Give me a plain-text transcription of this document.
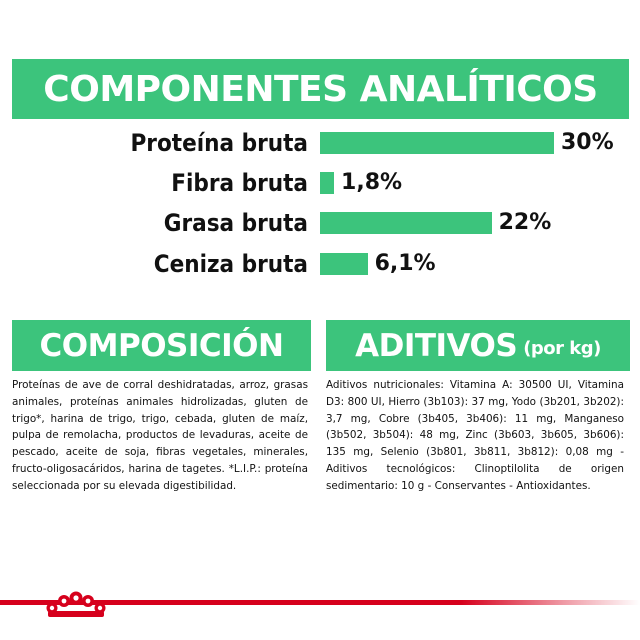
COMPONENTES ANALÍTICOS
Proteína bruta	30%
Fibra bruta 1,8%
Grasa bruta	22%
Ceniza bruta	6,1%
COMPOSICIÓN

Proteínas de ave de corral deshidratadas, arroz, grasas animales, proteínas animales hidrolizadas, gluten de trigo*, harina de trigo, trigo, cebada, gluten de maíz, pulpa de remolacha, productos de levaduras, aceite de pescado, aceite de soja, fibras vegetales, minerales, fructo-oligosacáridos, harina de tagetes. *L.I.P.: proteína seleccionada por su elevada digestibilidad.

ADITIVOS (por kg)

Aditivos nutricionales: Vitamina A: 30500 UI, Vitamina D3: 800 UI, Hierro (3b103): 37 mg, Yodo (3b201, 3b202): 3,7 mg, Cobre (3b405, 3b406): 11 mg, Manganeso (3b502, 3b504): 48 mg, Zinc (3b603, 3b605, 3b606): 135 mg, Selenio (3b801, 3b811, 3b812): 0,08 mg - Aditivos tecnológicos: Clinoptilolita de origen sedimentario: 10 g - Conservantes - Antioxidantes.
